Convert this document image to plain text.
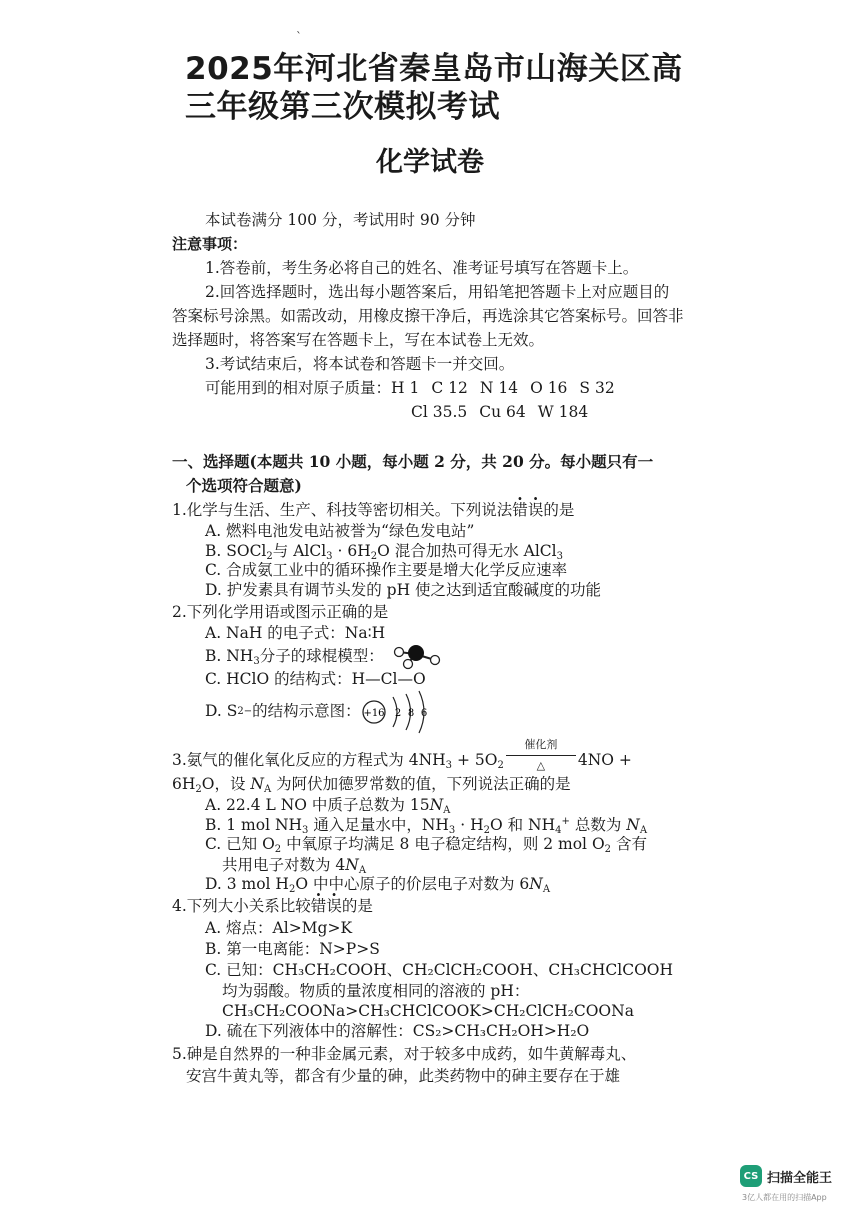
`
2025年河北省秦皇岛市山海关区高三年级第三次模拟考试
化学试卷

本试卷满分 100 分，考试用时 90 分钟

注意事项：

1.答卷前，考生务必将自己的姓名、准考证号填写在答题卡上。

2.回答选择题时，选出每小题答案后，用铅笔把答题卡上对应题目的答案标号涂黑。如需改动，用橡皮擦干净后，再选涂其它答案标号。回答非选择题时，将答案写在答题卡上，写在本试卷上无效。

3.考试结束后，将本试卷和答题卡一并交回。

可能用到的相对原子质量：H 1 C 12 N 14 O 16 S 32

Cl 35.5 Cu 64 W 184

一、选择题(本题共 10 小题，每小题 2 分，共 20 分。每小题只有一

个选项符合题意)

1.化学与生活、生产、科技等密切相关。下列说法错误的是

A. 燃料电池发电站被誉为“绿色发电站”

B. SOCl$_2$与 AlCl$_3$ · $6H_2O$ 混合加热可得无水 AlCl$_3$

C. 合成氨工业中的循环操作主要是增大化学反应速率

D. 护发素具有调节头发的 pH 使之达到适宜酸碱度的功能

2.下列化学用语或图示正确的是

A. NaH 的电子式：Na∶H

B. $NH_3$分子的球棍模型：

C. HClO 的结构式：H—Cl—O

D. S 2− 的结构示意图： +16 2 8 6

3.氨气的催化氧化反应的方程式为 $4NH_3 + 5O_2$
催化剂
△	4NO +

$6H_2O$，设 $N_A$ 为阿伏加德罗常数的值，下列说法正确的是

A. 22.4 L NO 中质子总数为 $15N_A$

B. 1 mol $NH_3$ 通入足量水中，$NH_3 \cdot H_2O$ 和 $NH_4^+$ 总数为 $N_A$

C. 已知 $O_2$ 中氧原子均满足 8 电子稳定结构，则 2 mol $O_2$ 含有

共用电子对数为 $4N_A$

D. 3 mol $H_2O$ 中中心原子的价层电子对数为 $6N_A$

4.下列大小关系比较错误的是

A. 熔点：Al>Mg>K

B. 第一电离能：N>P>S

C. 已知：CH₃CH₂COOH、CH₂ClCH₂COOH、CH₃CHClCOOH

均为弱酸。物质的量浓度相同的溶液的 pH：

CH₃CH₂COONa>CH₃CHClCOOK>CH₂ClCH₂COONa

D. 硫在下列液体中的溶解性：CS₂>CH₃CH₂OH>H₂O

5.砷是自然界的一种非金属元素，对于较多中成药，如牛黄解毒丸、

安宫牛黄丸等，都含有少量的砷，此类药物中的砷主要存在于雄

CS 扫描全能王
3亿人都在用的扫描App
